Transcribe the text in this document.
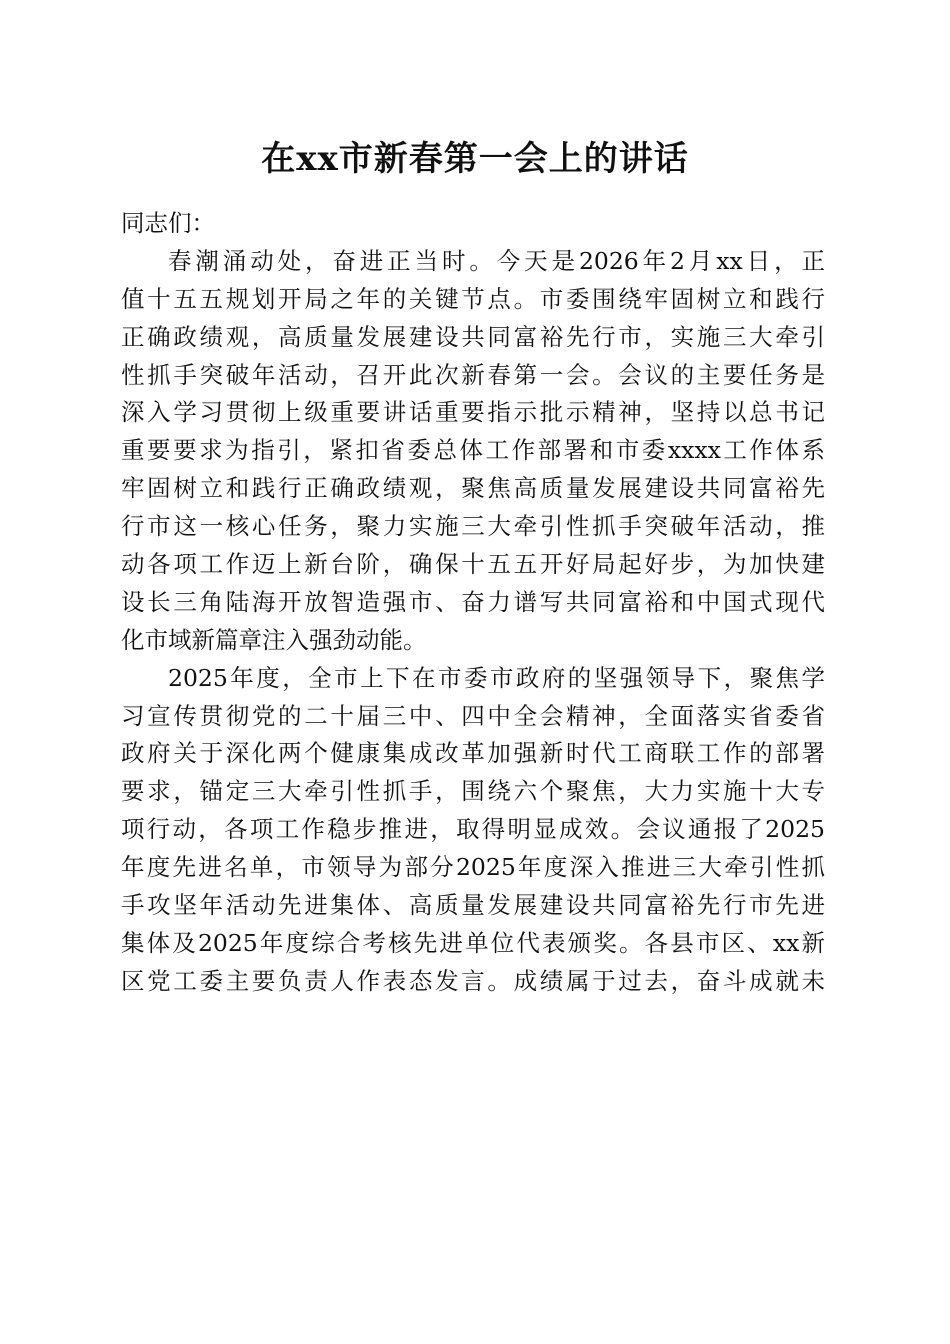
在xx市新春第一会上的讲话

同志们：

春潮涌动处，奋进正当时。今天是2026年2月xx日，正
值十五五规划开局之年的关键节点。市委围绕牢固树立和践行
正确政绩观，高质量发展建设共同富裕先行市，实施三大牵引
性抓手突破年活动，召开此次新春第一会。会议的主要任务是
深入学习贯彻上级重要讲话重要指示批示精神，坚持以总书记
重要要求为指引，紧扣省委总体工作部署和市委xxxx工作体系
牢固树立和践行正确政绩观，聚焦高质量发展建设共同富裕先
行市这一核心任务，聚力实施三大牵引性抓手突破年活动，推
动各项工作迈上新台阶，确保十五五开好局起好步，为加快建
设长三角陆海开放智造强市、奋力谱写共同富裕和中国式现代
化市域新篇章注入强劲动能。

2025年度，全市上下在市委市政府的坚强领导下，聚焦学
习宣传贯彻党的二十届三中、四中全会精神，全面落实省委省
政府关于深化两个健康集成改革加强新时代工商联工作的部署
要求，锚定三大牵引性抓手，围绕六个聚焦，大力实施十大专
项行动，各项工作稳步推进，取得明显成效。会议通报了2025
年度先进名单，市领导为部分2025年度深入推进三大牵引性抓
手攻坚年活动先进集体、高质量发展建设共同富裕先行市先进
集体及2025年度综合考核先进单位代表颁奖。各县市区、xx新
区党工委主要负责人作表态发言。成绩属于过去，奋斗成就未
